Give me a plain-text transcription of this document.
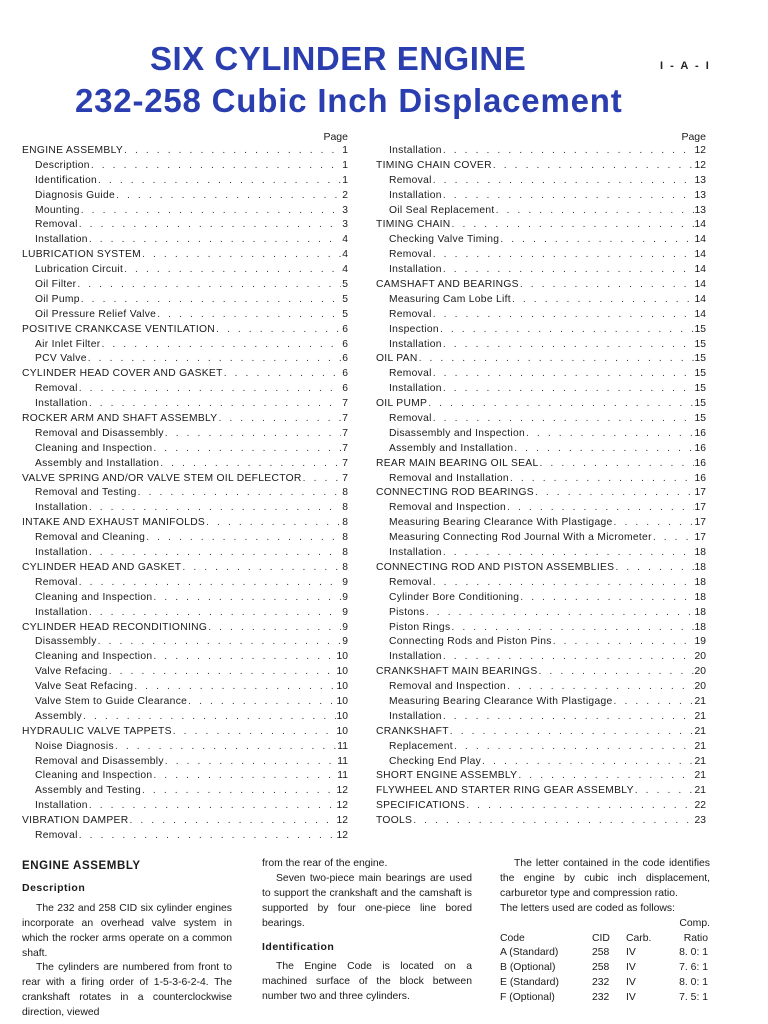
SIX CYLINDER ENGINE
232-258 Cubic Inch Displacement
I - A - I
Page
ENGINE ASSEMBLY . . .	1
Description . . .	1
Identification . . .	1
Diagnosis Guide . . .	2
Mounting . . .	3
Removal . . .	3
Installation . . .	4
LUBRICATION SYSTEM . . .	4
Lubrication Circuit . . .	4
Oil Filter . . .	5
Oil Pump . . .	5
Oil Pressure Relief Valve . . .	5
POSITIVE CRANKCASE VENTILATION . . .	6
Air Inlet Filter . . .	6
PCV Valve . . .	6
CYLINDER HEAD COVER AND GASKET . . .	6
Removal . . .	6
Installation . . .	7
ROCKER ARM AND SHAFT ASSEMBLY . . .	7
Removal and Disassembly . . .	7
Cleaning and Inspection . . .	7
Assembly and Installation . . .	7
VALVE SPRING AND/OR VALVE STEM OIL DEFLECTOR . . .	7
Removal and Testing . . .	8
Installation . . .	8
INTAKE AND EXHAUST MANIFOLDS . . .	8
Removal and Cleaning . . .	8
Installation . . .	8
CYLINDER HEAD AND GASKET . . .	8
Removal . . .	9
Cleaning and Inspection . . .	9
Installation . . .	9
CYLINDER HEAD RECONDITIONING . . .	9
Disassembly . . .	9
Cleaning and Inspection . . .	10
Valve Refacing . . .	10
Valve Seat Refacing . . .	10
Valve Stem to Guide Clearance . . .	10
Assembly . . .	10
HYDRAULIC VALVE TAPPETS . . .	10
Noise Diagnosis . . .	11
Removal and Disassembly . . .	11
Cleaning and Inspection . . .	11
Assembly and Testing . . .	12
Installation . . .	12
VIBRATION DAMPER . . .	12
Removal . . .	12
Page
Installation . . .	12
TIMING CHAIN COVER . . .	12
Removal . . .	13
Installation . . .	13
Oil Seal Replacement . . .	13
TIMING CHAIN . . .	14
Checking Valve Timing . . .	14
Removal . . .	14
Installation . . .	14
CAMSHAFT AND BEARINGS . . .	14
Measuring Cam Lobe Lift . . .	14
Removal . . .	14
Inspection . . .	15
Installation . . .	15
OIL PAN . . .	15
Removal . . .	15
Installation . . .	15
OIL PUMP . . .	15
Removal . . .	15
Disassembly and Inspection . . .	16
Assembly and Installation . . .	16
REAR MAIN BEARING OIL SEAL . . .	16
Removal and Installation . . .	16
CONNECTING ROD BEARINGS . . .	17
Removal and Inspection . . .	17
Measuring Bearing Clearance With Plastigage . . .	17
Measuring Connecting Rod Journal With a Micrometer . . .	17
Installation . . .	18
CONNECTING ROD AND PISTON ASSEMBLIES . . .	18
Removal . . .	18
Cylinder Bore Conditioning . . .	18
Pistons . . .	18
Piston Rings . . .	18
Connecting Rods and Piston Pins . . .	19
Installation . . .	20
CRANKSHAFT MAIN BEARINGS . . .	20
Removal and Inspection . . .	20
Measuring Bearing Clearance With Plastigage . . .	21
Installation . . .	21
CRANKSHAFT . . .	21
Replacement . . .	21
Checking End Play . . .	21
SHORT ENGINE ASSEMBLY . . .	21
FLYWHEEL AND STARTER RING GEAR ASSEMBLY . . .	21
SPECIFICATIONS . . .	22
TOOLS . . .	23
ENGINE ASSEMBLY
Description

The 232 and 258 CID six cylinder engines incorporate an overhead valve system in which the rocker arms operate on a common shaft.

The cylinders are numbered from front to rear with a firing order of 1-5-3-6-2-4. The crankshaft rotates in a counterclockwise direction, viewed

from the rear of the engine.

Seven two-piece main bearings are used to support the crankshaft and the camshaft is supported by four one-piece line bored bearings.

Identification

The Engine Code is located on a machined surface of the block between number two and three cylinders.

The letter contained in the code identifies the engine by cubic inch displacement, carburetor type and compression ratio.

The letters used are coded as follows:

Comp.
Code	CID	Carb.	Ratio
A (Standard)	258	IV	8. 0: 1
B (Optional)	258	IV	7. 6: 1
E (Standard)	232	IV	8. 0: 1
F (Optional)	232	IV	7. 5: 1
